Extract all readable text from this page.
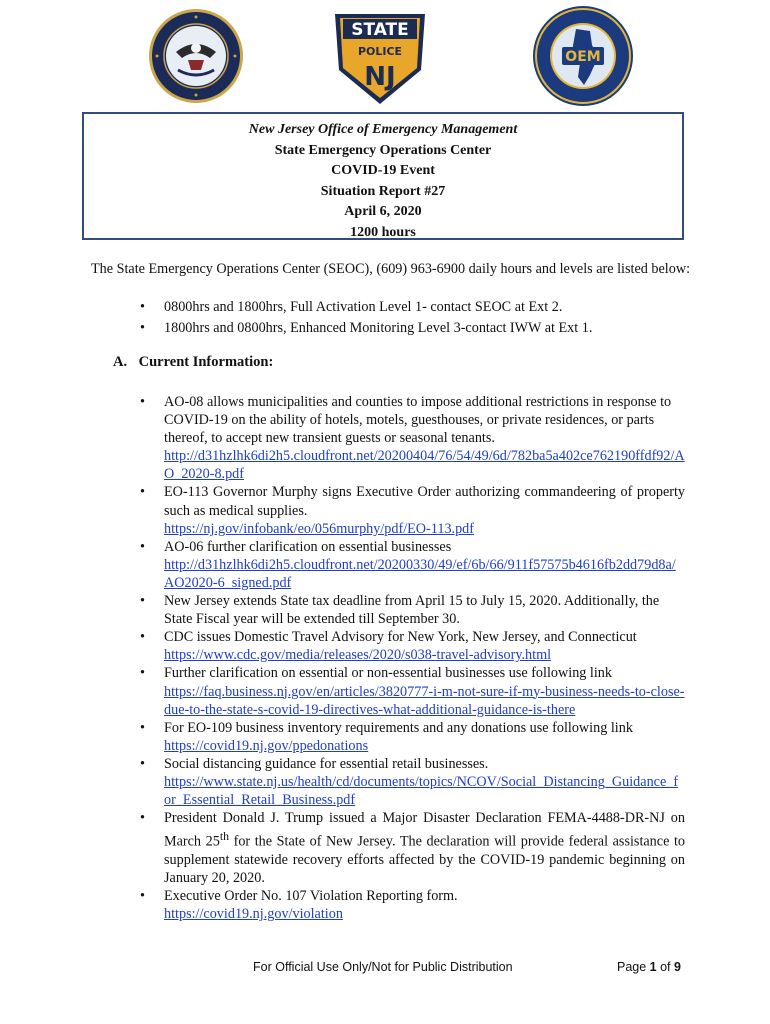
STATE
POLICE
NJ
OEM
New Jersey Office of Emergency Management
State Emergency Operations Center
COVID-19 Event
Situation Report #27
April 6, 2020
1200 hours
The State Emergency Operations Center (SEOC), (609) 963-6900 daily hours and levels are listed below:
• 0800hrs and 1800hrs, Full Activation Level 1- contact SEOC at Ext 2.
• 1800hrs and 0800hrs, Enhanced Monitoring Level 3-contact IWW at Ext 1.
A. Current Information:
• AO-08 allows municipalities and counties to impose additional restrictions in response to COVID-19 on the ability of hotels, motels, guesthouses, or private residences, or parts thereof, to accept new transient guests or seasonal tenants.
http://d31hzlhk6di2h5.cloudfront.net/20200404/76/54/49/6d/782ba5a402ce762190ffdf92/AO_2020-8.pdf
• EO-113 Governor Murphy signs Executive Order authorizing commandeering of property such as medical supplies.
https://nj.gov/infobank/eo/056murphy/pdf/EO-113.pdf
• AO-06 further clarification on essential businesses
http://d31hzlhk6di2h5.cloudfront.net/20200330/49/ef/6b/66/911f57575b4616fb2dd79d8a/AO2020-6_signed.pdf
• New Jersey extends State tax deadline from April 15 to July 15, 2020. Additionally, the State Fiscal year will be extended till September 30.
• CDC issues Domestic Travel Advisory for New York, New Jersey, and Connecticut
https://www.cdc.gov/media/releases/2020/s038-travel-advisory.html
• Further clarification on essential or non-essential businesses use following link
https://faq.business.nj.gov/en/articles/3820777-i-m-not-sure-if-my-business-needs-to-close-due-to-the-state-s-covid-19-directives-what-additional-guidance-is-there
• For EO-109 business inventory requirements and any donations use following link
https://covid19.nj.gov/ppedonations
• Social distancing guidance for essential retail businesses.
https://www.state.nj.us/health/cd/documents/topics/NCOV/Social_Distancing_Guidance_for_Essential_Retail_Business.pdf
• President Donald J. Trump issued a Major Disaster Declaration FEMA-4488-DR-NJ on March 25th for the State of New Jersey. The declaration will provide federal assistance to supplement statewide recovery efforts affected by the COVID-19 pandemic beginning on January 20, 2020.
• Executive Order No. 107 Violation Reporting form.
https://covid19.nj.gov/violation
For Official Use Only/Not for Public Distribution	Page 1 of 9
